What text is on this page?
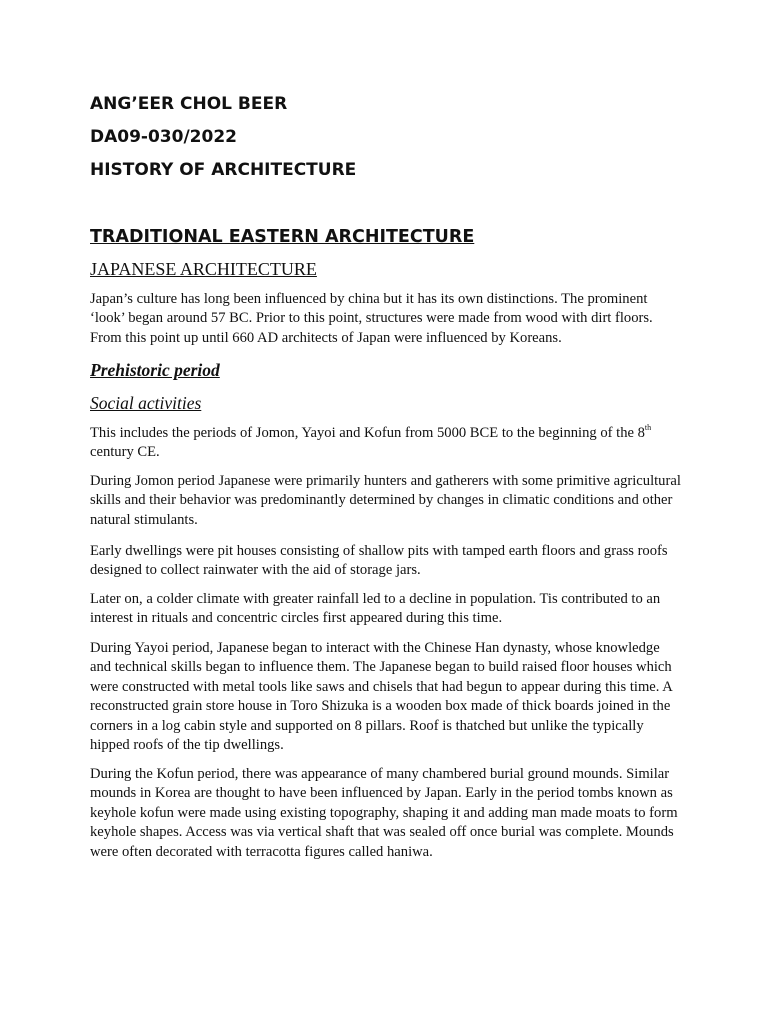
ANG’EER CHOL BEER
DA09-030/2022
HISTORY OF ARCHITECTURE
TRADITIONAL EASTERN ARCHITECTURE
JAPANESE ARCHITECTURE

Japan’s culture has long been influenced by china but it has its own distinctions. The prominent ‘look’ began around 57 BC. Prior to this point, structures were made from wood with dirt floors. From this point up until 660 AD architects of Japan were influenced by Koreans.

Prehistoric period
Social activities

This includes the periods of Jomon, Yayoi and Kofun from 5000 BCE to the beginning of the 8th century CE.

During Jomon period Japanese were primarily hunters and gatherers with some primitive agricultural skills and their behavior was predominantly determined by changes in climatic conditions and other natural stimulants.

Early dwellings were pit houses consisting of shallow pits with tamped earth floors and grass roofs designed to collect rainwater with the aid of storage jars.

Later on, a colder climate with greater rainfall led to a decline in population. Tis contributed to an interest in rituals and concentric circles first appeared during this time.

During Yayoi period, Japanese began to interact with the Chinese Han dynasty, whose knowledge and technical skills began to influence them. The Japanese began to build raised floor houses which were constructed with metal tools like saws and chisels that had begun to appear during this time. A reconstructed grain store house in Toro Shizuka is a wooden box made of thick boards joined in the corners in a log cabin style and supported on 8 pillars. Roof is thatched but unlike the typically hipped roofs of the tip dwellings.

During the Kofun period, there was appearance of many chambered burial ground mounds. Similar mounds in Korea are thought to have been influenced by Japan. Early in the period tombs known as keyhole kofun were made using existing topography, shaping it and adding man made moats to form keyhole shapes. Access was via vertical shaft that was sealed off once burial was complete. Mounds were often decorated with terracotta figures called haniwa.
